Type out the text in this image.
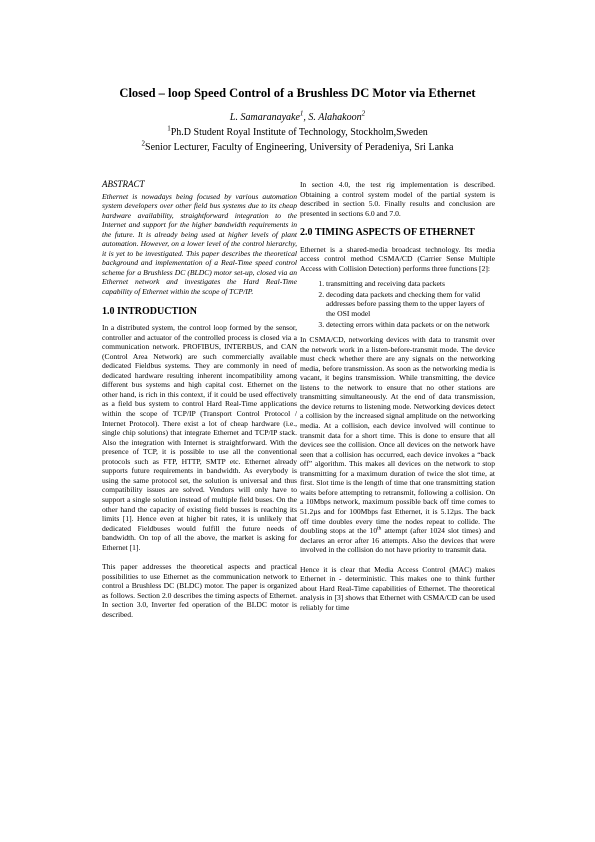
Closed – loop Speed Control of a Brushless DC Motor via Ethernet
L. Samaranayake$^1$, S. Alahakoon$^2$
$^1$Ph.D Student Royal Institute of Technology, Stockholm,Sweden
$^2$Senior Lecturer, Faculty of Engineering, University of Peradeniya, Sri Lanka
ABSTRACT
Ethernet is nowadays being focused by various automation system developers over other field bus systems due to its cheap hardware availability, straightforward integration to the Internet and support for the higher bandwidth requirements in the future. It is already being used at higher levels of plant automation. However, on a lower level of the control hierarchy, it is yet to be investigated. This paper describes the theoretical background and implementation of a Real-Time speed control scheme for a Brushless DC (BLDC) motor set-up, closed via an Ethernet network and investigates the Hard Real-Time capability of Ethernet within the scope of TCP/IP.
1.0 INTRODUCTION

In a distributed system, the control loop formed by the sensor, controller and actuator of the controlled process is closed via a communication network. PROFIBUS, INTERBUS, and CAN (Control Area Network) are such commercially available dedicated Fieldbus systems. They are commonly in need of dedicated hardware resulting inherent incompatibility among different bus systems and high capital cost. Ethernet on the other hand, is rich in this context, if it could be used effectively as a field bus system to control Hard Real-Time applications within the scope of TCP/IP (Transport Control Protocol / Internet Protocol). There exist a lot of cheap hardware (i.e., single chip solutions) that integrate Ethernet and TCP/IP stack. Also the integration with Internet is straightforward. With the presence of TCP, it is possible to use all the conventional protocols such as FTP, HTTP, SMTP etc. Ethernet already supports future requirements in bandwidth. As everybody is using the same protocol set, the solution is universal and thus compatibility issues are solved. Vendors will only have to support a single solution instead of multiple field buses. On the other hand the capacity of existing field busses is reaching its limits [1]. Hence even at higher bit rates, it is unlikely that dedicated Fieldbuses would fulfill the future needs of bandwidth. On top of all the above, the market is asking for Ethernet [1].

This paper addresses the theoretical aspects and practical possibilities to use Ethernet as the communication network to control a Brushless DC (BLDC) motor. The paper is organized as follows. Section 2.0 describes the timing aspects of Ethernet. In section 3.0, Inverter fed operation of the BLDC motor is described.

In section 4.0, the test rig implementation is described. Obtaining a control system model of the partial system is described in section 5.0. Finally results and conclusion are presented in sections 6.0 and 7.0.

2.0 TIMING ASPECTS OF ETHERNET

Ethernet is a shared-media broadcast technology. Its media access control method CSMA/CD (Carrier Sense Multiple Access with Collision Detection) performs three functions [2]:

1. transmitting and receiving data packets
2. decoding data packets and checking them for valid addresses before passing them to the upper layers of the OSI model
3. detecting errors within data packets or on the network

In CSMA/CD, networking devices with data to transmit over the network work in a listen-before-transmit mode. The device must check whether there are any signals on the networking media, before transmission. As soon as the networking media is vacant, it begins transmission. While transmitting, the device listens to the network to ensure that no other stations are transmitting simultaneously. At the end of data transmission, the device returns to listening mode. Networking devices detect a collision by the increased signal amplitude on the networking media. At a collision, each device involved will continue to transmit data for a short time. This is done to ensure that all devices see the collision. Once all devices on the network have seen that a collision has occurred, each device invokes a “back off” algorithm. This makes all devices on the network to stop transmitting for a maximum duration of twice the slot time, at first. Slot time is the length of time that one transmitting station waits before attempting to retransmit, following a collision. On a 10Mbps network, maximum possible back off time comes to 51.2µs and for 100Mbps fast Ethernet, it is 5.12µs. The back off time doubles every time the nodes repeat to collide. The doubling stops at the 10th attempt (after 1024 slot times) and declares an error after 16 attempts. Also the devices that were involved in the collision do not have priority to transmit data.

Hence it is clear that Media Access Control (MAC) makes Ethernet in - deterministic. This makes one to think further about Hard Real-Time capabilities of Ethernet. The theoretical analysis in [3] shows that Ethernet with CSMA/CD can be used reliably for time
